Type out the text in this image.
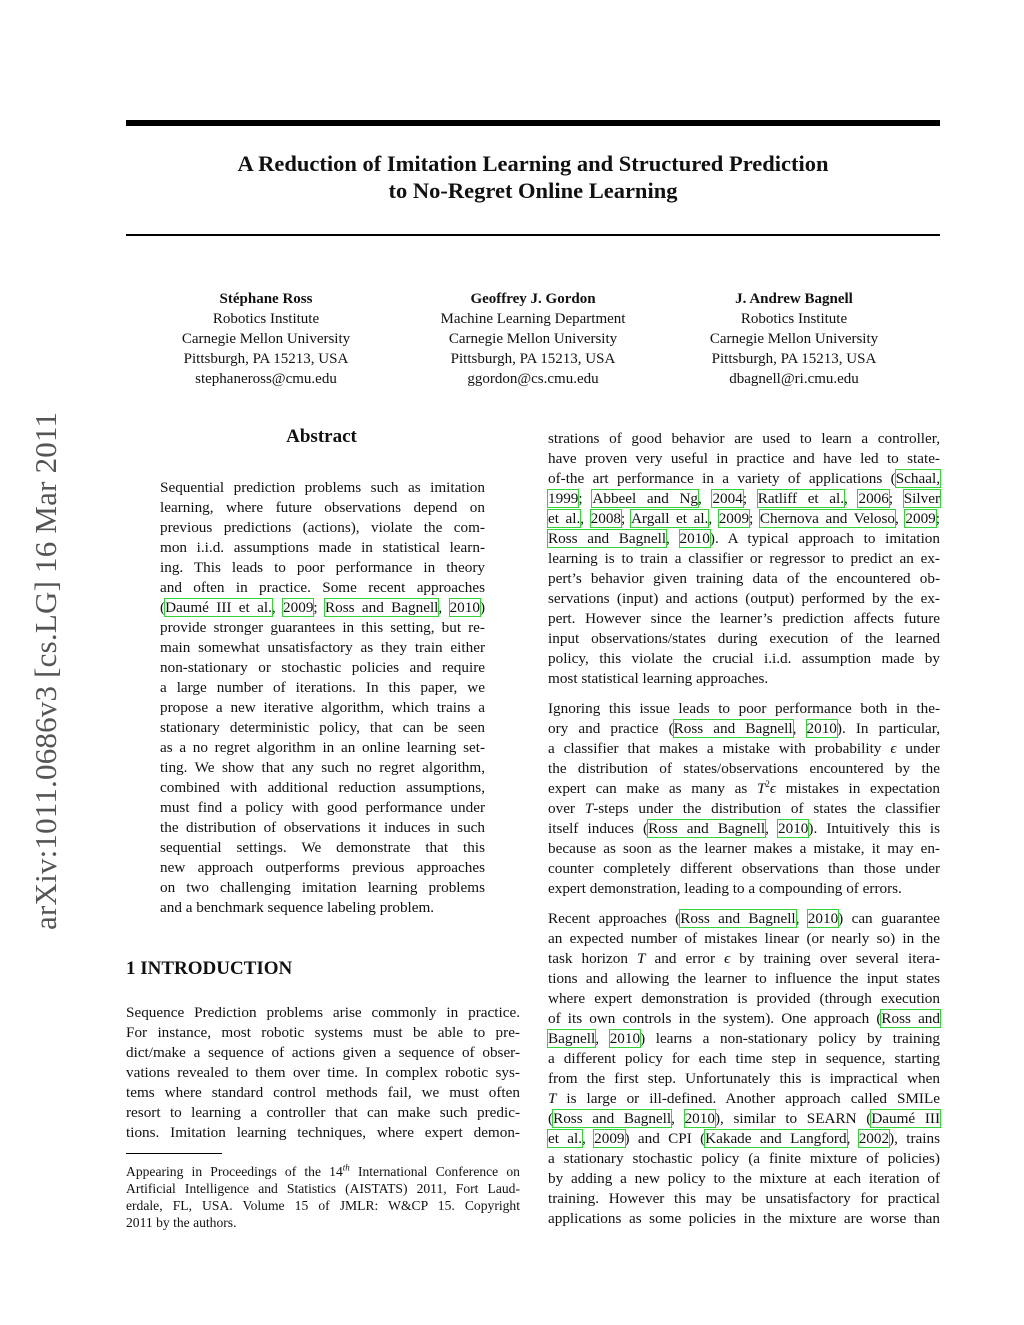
arXiv:1011.0686v3 [cs.LG] 16 Mar 2011
A Reduction of Imitation Learning and Structured Prediction
to No-Regret Online Learning
Stéphane Ross
Robotics Institute
Carnegie Mellon University
Pittsburgh, PA 15213, USA
stephaneross@cmu.edu
Geoffrey J. Gordon
Machine Learning Department
Carnegie Mellon University
Pittsburgh, PA 15213, USA
ggordon@cs.cmu.edu
J. Andrew Bagnell
Robotics Institute
Carnegie Mellon University
Pittsburgh, PA 15213, USA
dbagnell@ri.cmu.edu
Abstract
Sequential prediction problems such as imitation
learning, where future observations depend on
previous predictions (actions), violate the com-
mon i.i.d. assumptions made in statistical learn-
ing. This leads to poor performance in theory
and often in practice. Some recent approaches
(Daumé III et al., 2009; Ross and Bagnell, 2010)
provide stronger guarantees in this setting, but re-
main somewhat unsatisfactory as they train either
non-stationary or stochastic policies and require
a large number of iterations. In this paper, we
propose a new iterative algorithm, which trains a
stationary deterministic policy, that can be seen
as a no regret algorithm in an online learning set-
ting. We show that any such no regret algorithm,
combined with additional reduction assumptions,
must find a policy with good performance under
the distribution of observations it induces in such
sequential settings. We demonstrate that this
new approach outperforms previous approaches
on two challenging imitation learning problems
and a benchmark sequence labeling problem.
1 INTRODUCTION
Sequence Prediction problems arise commonly in practice.
For instance, most robotic systems must be able to pre-
dict/make a sequence of actions given a sequence of obser-
vations revealed to them over time. In complex robotic sys-
tems where standard control methods fail, we must often
resort to learning a controller that can make such predic-
tions. Imitation learning techniques, where expert demon-
Appearing in Proceedings of the 14th International Conference on
Artificial Intelligence and Statistics (AISTATS) 2011, Fort Laud-
erdale, FL, USA. Volume 15 of JMLR: W&CP 15. Copyright
2011 by the authors.
strations of good behavior are used to learn a controller,
have proven very useful in practice and have led to state-
of-the art performance in a variety of applications (Schaal,
1999; Abbeel and Ng, 2004; Ratliff et al., 2006; Silver
et al., 2008; Argall et al., 2009; Chernova and Veloso, 2009;
Ross and Bagnell, 2010). A typical approach to imitation
learning is to train a classifier or regressor to predict an ex-
pert’s behavior given training data of the encountered ob-
servations (input) and actions (output) performed by the ex-
pert. However since the learner’s prediction affects future
input observations/states during execution of the learned
policy, this violate the crucial i.i.d. assumption made by
most statistical learning approaches.
Ignoring this issue leads to poor performance both in the-
ory and practice (Ross and Bagnell, 2010). In particular,
a classifier that makes a mistake with probability ϵ under
the distribution of states/observations encountered by the
expert can make as many as $T^2\epsilon$ mistakes in expectation
over T-steps under the distribution of states the classifier
itself induces (Ross and Bagnell, 2010). Intuitively this is
because as soon as the learner makes a mistake, it may en-
counter completely different observations than those under
expert demonstration, leading to a compounding of errors.
Recent approaches (Ross and Bagnell, 2010) can guarantee
an expected number of mistakes linear (or nearly so) in the
task horizon T and error ϵ by training over several itera-
tions and allowing the learner to influence the input states
where expert demonstration is provided (through execution
of its own controls in the system). One approach (Ross and
Bagnell, 2010) learns a non-stationary policy by training
a different policy for each time step in sequence, starting
from the first step. Unfortunately this is impractical when
T is large or ill-defined. Another approach called SMILe
(Ross and Bagnell, 2010), similar to SEARN (Daumé III
et al., 2009) and CPI (Kakade and Langford, 2002), trains
a stationary stochastic policy (a finite mixture of policies)
by adding a new policy to the mixture at each iteration of
training. However this may be unsatisfactory for practical
applications as some policies in the mixture are worse than
